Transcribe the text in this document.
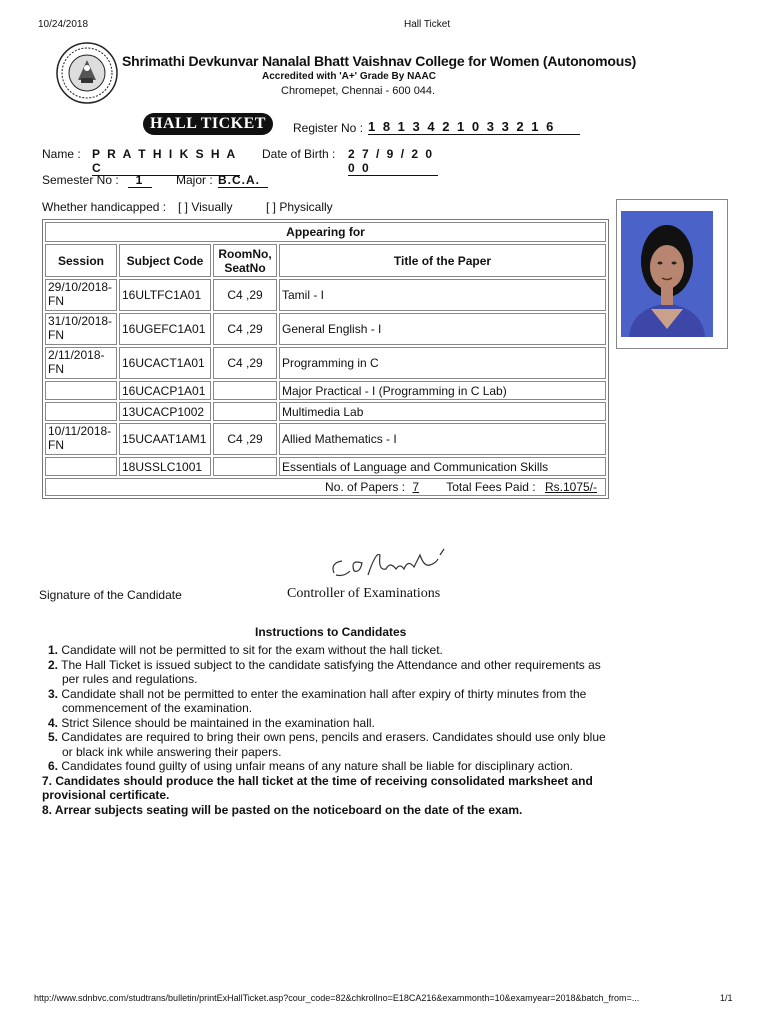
10/24/2018	Hall Ticket
Shrimathi Devkunvar Nanalal Bhatt Vaishnav College for Women (Autonomous)
Accredited with 'A+' Grade By NAAC
Chromepet, Chennai - 600 044.
HALL TICKET	Register No : 1 8 1 3 4 2 1 0 3 3 2 1 6
Name : P R A T H I K S H A C
Date of Birth : 2 7 / 9 / 2 0 0 0
Semester No :	1	Major : B.C.A.
Whether handicapped : [ ] Visually	[ ] Physically
Appearing for			
Session	Subject Code	RoomNo, SeatNo	Title of the Paper
29/10/2018-FN	16ULTFC1A01	C4 ,29	Tamil - I
31/10/2018-FN	16UGEFC1A01	C4 ,29	General English - I
2/11/2018-FN	16UCACT1A01	C4 ,29	Programming in C
	16UCACP1A01		Major Practical - I (Programming in C Lab)
	13UCACP1002		Multimedia Lab
10/11/2018-FN	15UCAAT1AM1	C4 ,29	Allied Mathematics - I
	18USSLC1001		Essentials of Language and Communication Skills
No. of Papers : 7 Total Fees Paid : Rs.1075/-			
Signature of the Candidate	Controller of Examinations
Instructions to Candidates
1. Candidate will not be permitted to sit for the exam without the hall ticket.
2. The Hall Ticket is issued subject to the candidate satisfying the Attendance and other requirements as per rules and regulations.
3. Candidate shall not be permitted to enter the examination hall after expiry of thirty minutes from the commencement of the examination.
4. Strict Silence should be maintained in the examination hall.
5. Candidates are required to bring their own pens, pencils and erasers. Candidates should use only blue or black ink while answering their papers.
6. Candidates found guilty of using unfair means of any nature shall be liable for disciplinary action.
7. Candidates should produce the hall ticket at the time of receiving consolidated marksheet and provisional certificate.
8. Arrear subjects seating will be pasted on the noticeboard on the date of the exam.
http://www.sdnbvc.com/studtrans/bulletin/printExHallTicket.asp?cour_code=82&chkrollno=E18CA216&exammonth=10&examyear=2018&batch_from=...	1/1
